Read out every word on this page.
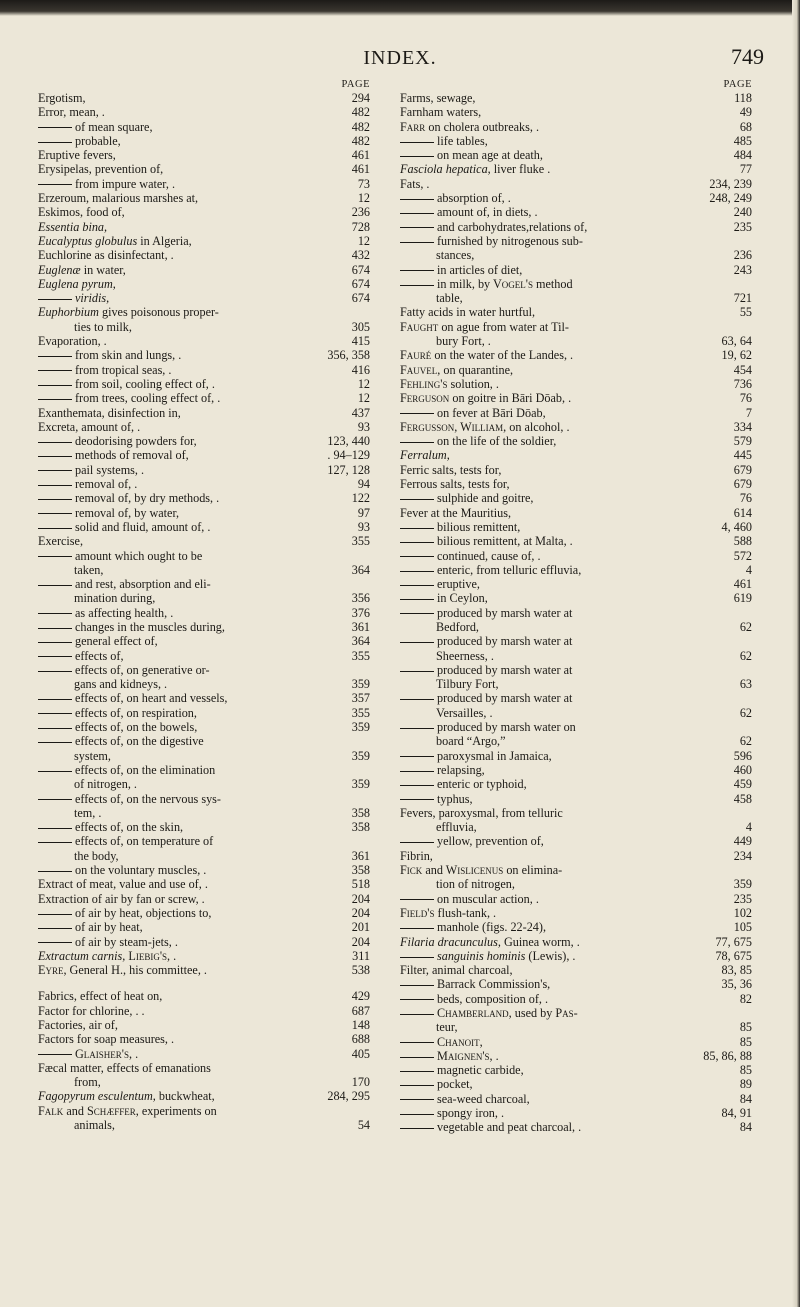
INDEX.	749
PAGE
Ergotism,	294
Error, mean, .	482
of mean square,	482
probable,	482
Eruptive fevers,	461
Erysipelas, prevention of,	461
from impure water, .	73
Erzeroum, malarious marshes at,	12
Eskimos, food of,	236
Essentia bina,	728
Eucalyptus globulus in Algeria,	12
Euchlorine as disinfectant, .	432
Euglenæ in water,	674
Euglena pyrum,	674
viridis,	674
Euphorbium gives poisonous proper-
ties to milk,	305
Evaporation, .	415
from skin and lungs, .	356, 358
from tropical seas, .	416
from soil, cooling effect of, .	12
from trees, cooling effect of, .	12
Exanthemata, disinfection in,	437
Excreta, amount of, .	93
deodorising powders for,	123, 440
methods of removal of,	. 94–129
pail systems, .	127, 128
removal of, .	94
removal of, by dry methods, .	122
removal of, by water,	97
solid and fluid, amount of, .	93
Exercise,	355
amount which ought to be
taken,	364
and rest, absorption and eli-
mination during,	356
as affecting health, .	376
changes in the muscles during,	361
general effect of,	364
effects of,	355
effects of, on generative or-
gans and kidneys, .	359
effects of, on heart and vessels,	357
effects of, on respiration,	355
effects of, on the bowels,	359
effects of, on the digestive
system,	359
effects of, on the elimination
of nitrogen, .	359
effects of, on the nervous sys-
tem, .	358
effects of, on the skin,	358
effects of, on temperature of
the body,	361
on the voluntary muscles, .	358
Extract of meat, value and use of, .	518
Extraction of air by fan or screw, .	204
of air by heat, objections to,	204
of air by heat,	201
of air by steam-jets, .	204
Extractum carnis, Liebig's, .	311
Eyre, General H., his committee, .	538
Fabrics, effect of heat on,	429
Factor for chlorine, . .	687
Factories, air of,	148
Factors for soap measures, .	688
Glaisher's, .	405
Fæcal matter, effects of emanations
from,	170
Fagopyrum esculentum, buckwheat,	284, 295
Falk and Schæffer, experiments on
animals,	54
PAGE
Farms, sewage,	118
Farnham waters,	49
Farr on cholera outbreaks, .	68
life tables,	485
on mean age at death,	484
Fasciola hepatica, liver fluke .	77
Fats, .	234, 239
absorption of, .	248, 249
amount of, in diets, .	240
and carbohydrates,relations of,	235
furnished by nitrogenous sub-
stances,	236
in articles of diet,	243
in milk, by Vogel's method
table,	721
Fatty acids in water hurtful,	55
Faught on ague from water at Til-
bury Fort, .	63, 64
Fauré on the water of the Landes, .	19, 62
Fauvel, on quarantine,	454
Fehling's solution, .	736
Ferguson on goitre in Bāri Dōab, .	76
on fever at Bāri Dōab,	7
Fergusson, William, on alcohol, .	334
on the life of the soldier,	579
Ferralum,	445
Ferric salts, tests for,	679
Ferrous salts, tests for,	679
sulphide and goitre,	76
Fever at the Mauritius,	614
bilious remittent,	4, 460
bilious remittent, at Malta, .	588
continued, cause of, .	572
enteric, from telluric effluvia,	4
eruptive,	461
in Ceylon,	619
produced by marsh water at
Bedford,	62
produced by marsh water at
Sheerness, .	62
produced by marsh water at
Tilbury Fort,	63
produced by marsh water at
Versailles, .	62
produced by marsh water on
board “Argo,”	62
paroxysmal in Jamaica,	596
relapsing,	460
enteric or typhoid,	459
typhus,	458
Fevers, paroxysmal, from telluric
effluvia,	4
yellow, prevention of,	449
Fibrin,	234
Fick and Wislicenus on elimina-
tion of nitrogen,	359
on muscular action, .	235
Field's flush-tank, .	102
manhole (figs. 22-24),	105
Filaria dracunculus, Guinea worm, .	77, 675
sanguinis hominis (Lewis), .	78, 675
Filter, animal charcoal,	83, 85
Barrack Commission's,	35, 36
beds, composition of, .	82
Chamberland, used by Pas-
teur,	85
Chanoit,	85
Maignen's, .	85, 86, 88
magnetic carbide,	85
pocket,	89
sea-weed charcoal,	84
spongy iron, .	84, 91
vegetable and peat charcoal, .	84
